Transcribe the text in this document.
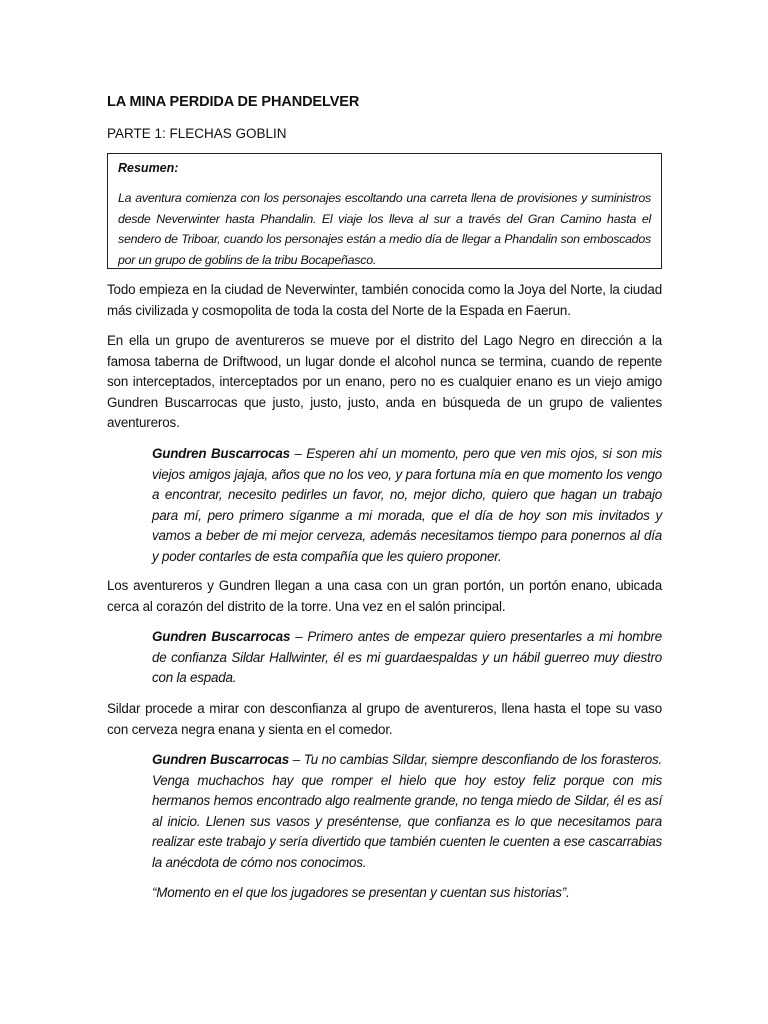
LA MINA PERDIDA DE PHANDELVER
PARTE 1: FLECHAS GOBLIN
Resumen:
La aventura comienza con los personajes escoltando una carreta llena de provisiones y suministros desde Neverwinter hasta Phandalin. El viaje los lleva al sur a través del Gran Camino hasta el sendero de Triboar, cuando los personajes están a medio día de llegar a Phandalin son emboscados por un grupo de goblins de la tribu Bocapeñasco.
Todo empieza en la ciudad de Neverwinter, también conocida como la Joya del Norte, la ciudad más civilizada y cosmopolita de toda la costa del Norte de la Espada en Faerun.
En ella un grupo de aventureros se mueve por el distrito del Lago Negro en dirección a la famosa taberna de Driftwood, un lugar donde el alcohol nunca se termina, cuando de repente son interceptados, interceptados por un enano, pero no es cualquier enano es un viejo amigo Gundren Buscarrocas que justo, justo, justo, anda en búsqueda de un grupo de valientes aventureros.
Gundren Buscarrocas – Esperen ahí un momento, pero que ven mis ojos, si son mis viejos amigos jajaja, años que no los veo, y para fortuna mía en que momento los vengo a encontrar, necesito pedirles un favor, no, mejor dicho, quiero que hagan un trabajo para mí, pero primero síganme a mi morada, que el día de hoy son mis invitados y vamos a beber de mi mejor cerveza, además necesitamos tiempo para ponernos al día y poder contarles de esta compañía que les quiero proponer.
Los aventureros y Gundren llegan a una casa con un gran portón, un portón enano, ubicada cerca al corazón del distrito de la torre. Una vez en el salón principal.
Gundren Buscarrocas – Primero antes de empezar quiero presentarles a mi hombre de confianza Sildar Hallwinter, él es mi guardaespaldas y un hábil guerreo muy diestro con la espada.
Sildar procede a mirar con desconfianza al grupo de aventureros, llena hasta el tope su vaso con cerveza negra enana y sienta en el comedor.
Gundren Buscarrocas – Tu no cambias Sildar, siempre desconfiando de los forasteros. Venga muchachos hay que romper el hielo que hoy estoy feliz porque con mis hermanos hemos encontrado algo realmente grande, no tenga miedo de Sildar, él es así al inicio. Llenen sus vasos y preséntense, que confianza es lo que necesitamos para realizar este trabajo y sería divertido que también cuenten le cuenten a ese cascarrabias la anécdota de cómo nos conocimos.
“Momento en el que los jugadores se presentan y cuentan sus historias”.
